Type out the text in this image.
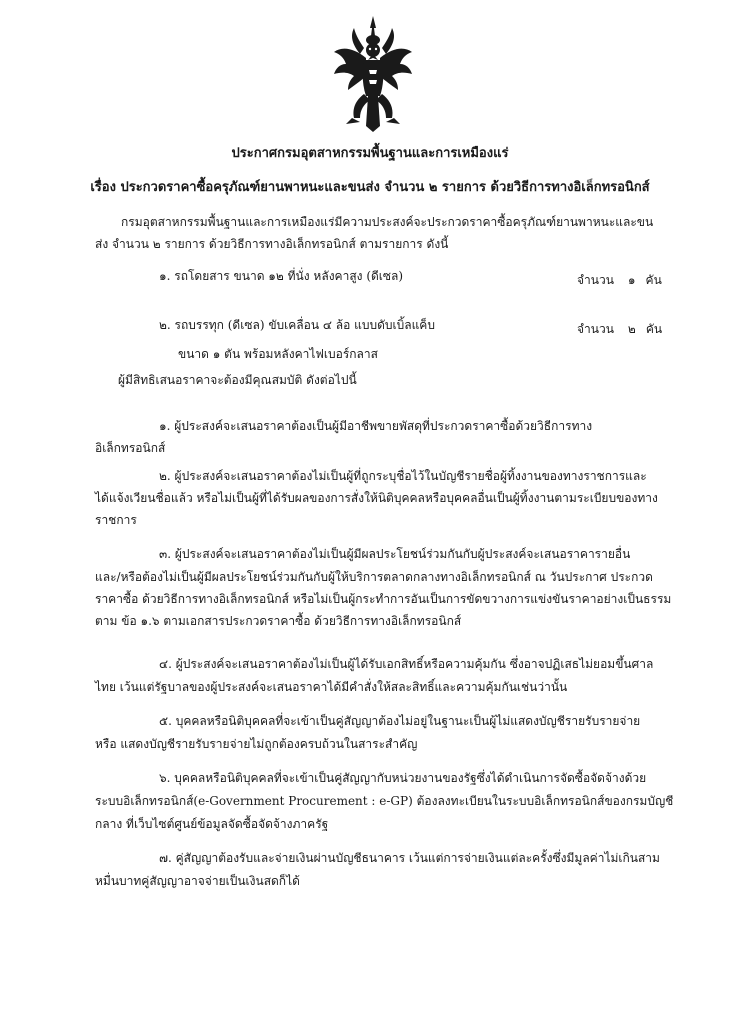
ประกาศกรมอุตสาหกรรมพื้นฐานและการเหมืองแร่
เรื่อง ประกวดราคาซื้อครุภัณฑ์ยานพาหนะและขนส่ง จำนวน ๒ รายการ ด้วยวิธีการทางอิเล็กทรอนิกส์
กรมอุตสาหกรรมพื้นฐานและการเหมืองแร่มีความประสงค์จะประกวดราคาซื้อครุภัณฑ์ยานพาหนะและขน
ส่ง จำนวน ๒ รายการ ด้วยวิธีการทางอิเล็กทรอนิกส์ ตามรายการ ดังนี้
๑. รถโดยสาร ขนาด ๑๒ ที่นั่ง หลังคาสูง (ดีเซล)	จำนวน ๑ คัน
๒. รถบรรทุก (ดีเซล) ขับเคลื่อน ๔ ล้อ แบบดับเบิ้ลแค็บ	จำนวน ๒ คัน
ขนาด ๑ ตัน พร้อมหลังคาไฟเบอร์กลาส
ผู้มีสิทธิเสนอราคาจะต้องมีคุณสมบัติ ดังต่อไปนี้
๑. ผู้ประสงค์จะเสนอราคาต้องเป็นผู้มีอาชีพขายพัสดุที่ประกวดราคาซื้อด้วยวิธีการทาง
อิเล็กทรอนิกส์
๒. ผู้ประสงค์จะเสนอราคาต้องไม่เป็นผู้ที่ถูกระบุชื่อไว้ในบัญชีรายชื่อผู้ทิ้งงานของทางราชการและ
ได้แจ้งเวียนชื่อแล้ว หรือไม่เป็นผู้ที่ได้รับผลของการสั่งให้นิติบุคคลหรือบุคคลอื่นเป็นผู้ทิ้งงานตามระเบียบของทาง
ราชการ
๓. ผู้ประสงค์จะเสนอราคาต้องไม่เป็นผู้มีผลประโยชน์ร่วมกันกับผู้ประสงค์จะเสนอราคารายอื่น
และ/หรือต้องไม่เป็นผู้มีผลประโยชน์ร่วมกันกับผู้ให้บริการตลาดกลางทางอิเล็กทรอนิกส์ ณ วันประกาศ ประกวด
ราคาซื้อ ด้วยวิธีการทางอิเล็กทรอนิกส์ หรือไม่เป็นผู้กระทำการอันเป็นการขัดขวางการแข่งขันราคาอย่างเป็นธรรม
ตาม ข้อ ๑.๖ ตามเอกสารประกวดราคาซื้อ ด้วยวิธีการทางอิเล็กทรอนิกส์
๔. ผู้ประสงค์จะเสนอราคาต้องไม่เป็นผู้ได้รับเอกสิทธิ์หรือความคุ้มกัน ซึ่งอาจปฏิเสธไม่ยอมขึ้นศาล
ไทย เว้นแต่รัฐบาลของผู้ประสงค์จะเสนอราคาได้มีคำสั่งให้สละสิทธิ์และความคุ้มกันเช่นว่านั้น
๕. บุคคลหรือนิติบุคคลที่จะเข้าเป็นคู่สัญญาต้องไม่อยู่ในฐานะเป็นผู้ไม่แสดงบัญชีรายรับรายจ่าย
หรือ แสดงบัญชีรายรับรายจ่ายไม่ถูกต้องครบถ้วนในสาระสำคัญ
๖. บุคคลหรือนิติบุคคลที่จะเข้าเป็นคู่สัญญากับหน่วยงานของรัฐซึ่งได้ดำเนินการจัดซื้อจัดจ้างด้วย
ระบบอิเล็กทรอนิกส์(e-Government Procurement : e-GP) ต้องลงทะเบียนในระบบอิเล็กทรอนิกส์ของกรมบัญชี
กลาง ที่เว็บไซต์ศูนย์ข้อมูลจัดซื้อจัดจ้างภาครัฐ
๗. คู่สัญญาต้องรับและจ่ายเงินผ่านบัญชีธนาคาร เว้นแต่การจ่ายเงินแต่ละครั้งซึ่งมีมูลค่าไม่เกินสาม
หมื่นบาทคู่สัญญาอาจจ่ายเป็นเงินสดก็ได้
